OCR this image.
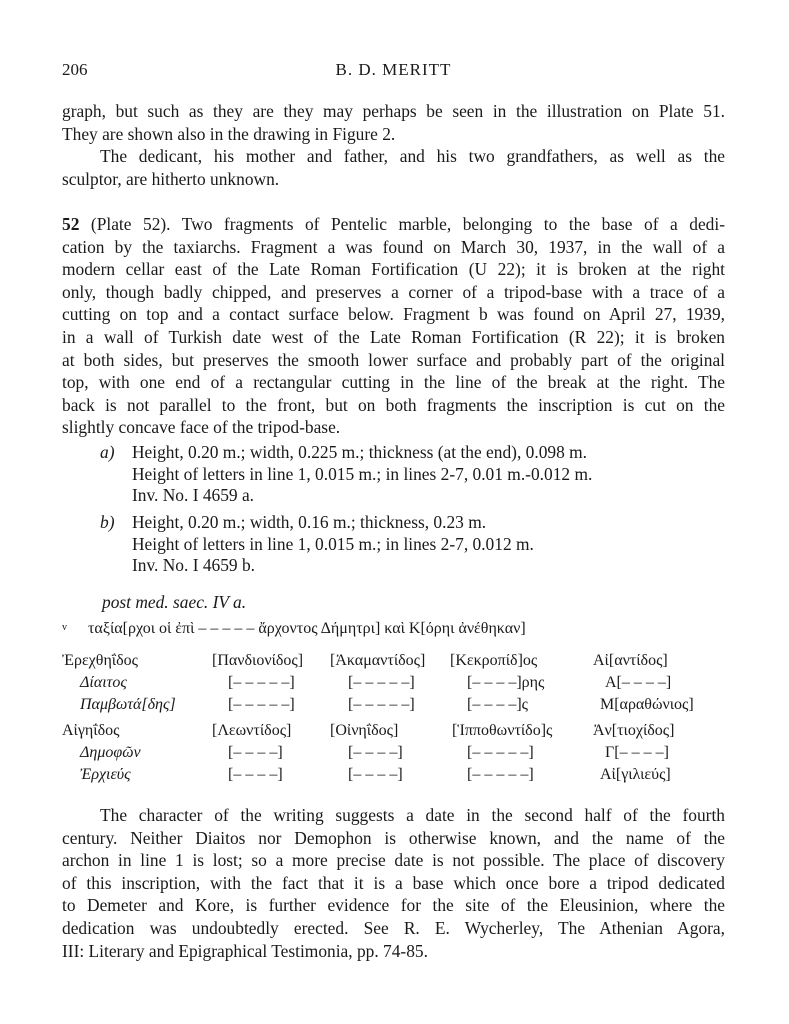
206	B. D. MERITT
graph, but such as they are they may perhaps be seen in the illustration on Plate 51.
They are shown also in the drawing in Figure 2.
The dedicant, his mother and father, and his two grandfathers, as well as the
sculptor, are hitherto unknown.
52 (Plate 52). Two fragments of Pentelic marble, belonging to the base of a dedi-
cation by the taxiarchs. Fragment a was found on March 30, 1937, in the wall of a
modern cellar east of the Late Roman Fortification (U 22); it is broken at the right
only, though badly chipped, and preserves a corner of a tripod-base with a trace of a
cutting on top and a contact surface below. Fragment b was found on April 27, 1939,
in a wall of Turkish date west of the Late Roman Fortification (R 22); it is broken
at both sides, but preserves the smooth lower surface and probably part of the original
top, with one end of a rectangular cutting in the line of the break at the right. The
back is not parallel to the front, but on both fragments the inscription is cut on the
slightly concave face of the tripod-base.
a) Height, 0.20 m.; width, 0.225 m.; thickness (at the end), 0.098 m.
Height of letters in line 1, 0.015 m.; in lines 2-7, 0.01 m.-0.012 m.
Inv. No. I 4659 a.
b) Height, 0.20 m.; width, 0.16 m.; thickness, 0.23 m.
Height of letters in line 1, 0.015 m.; in lines 2-7, 0.012 m.
Inv. No. I 4659 b.
post med. saec. IV a.
v ταξία[ρχοι οἱ ἐπὶ – – – – – ἄρχοντος Δήμητρι] καὶ Κ[όρηι ἀνέθηκαν]
Ἐρεχθηΐδος	[Πανδιονίδος] [Ἀκαμαντίδος] [Κεκροπίδ]ος	Αἰ[αντίδος]
Δίαιτος	[– – – – –]	[– – – – –]	[– – – –]ρης	Α[– – – –]
Παμβωτά[δης]	[– – – – –]	[– – – – –]	[– – – –]ς	Μ[αραθώνιος]
Αἰγηΐδος	[Λεωντίδος] [Οἰνηΐδος]	[Ἱπποθωντίδο]ς	Ἀν[τιοχίδος]
Δημοφῶν	[– – – –]	[– – – –]	[– – – – –]	Γ[– – – –]
Ἐρχιεύς	[– – – –]	[– – – –]	[– – – – –]	Αἰ[γιλιεύς]
The character of the writing suggests a date in the second half of the fourth
century. Neither Diaitos nor Demophon is otherwise known, and the name of the
archon in line 1 is lost; so a more precise date is not possible. The place of discovery
of this inscription, with the fact that it is a base which once bore a tripod dedicated
to Demeter and Kore, is further evidence for the site of the Eleusinion, where the
dedication was undoubtedly erected. See R. E. Wycherley, The Athenian Agora,
III: Literary and Epigraphical Testimonia, pp. 74-85.
